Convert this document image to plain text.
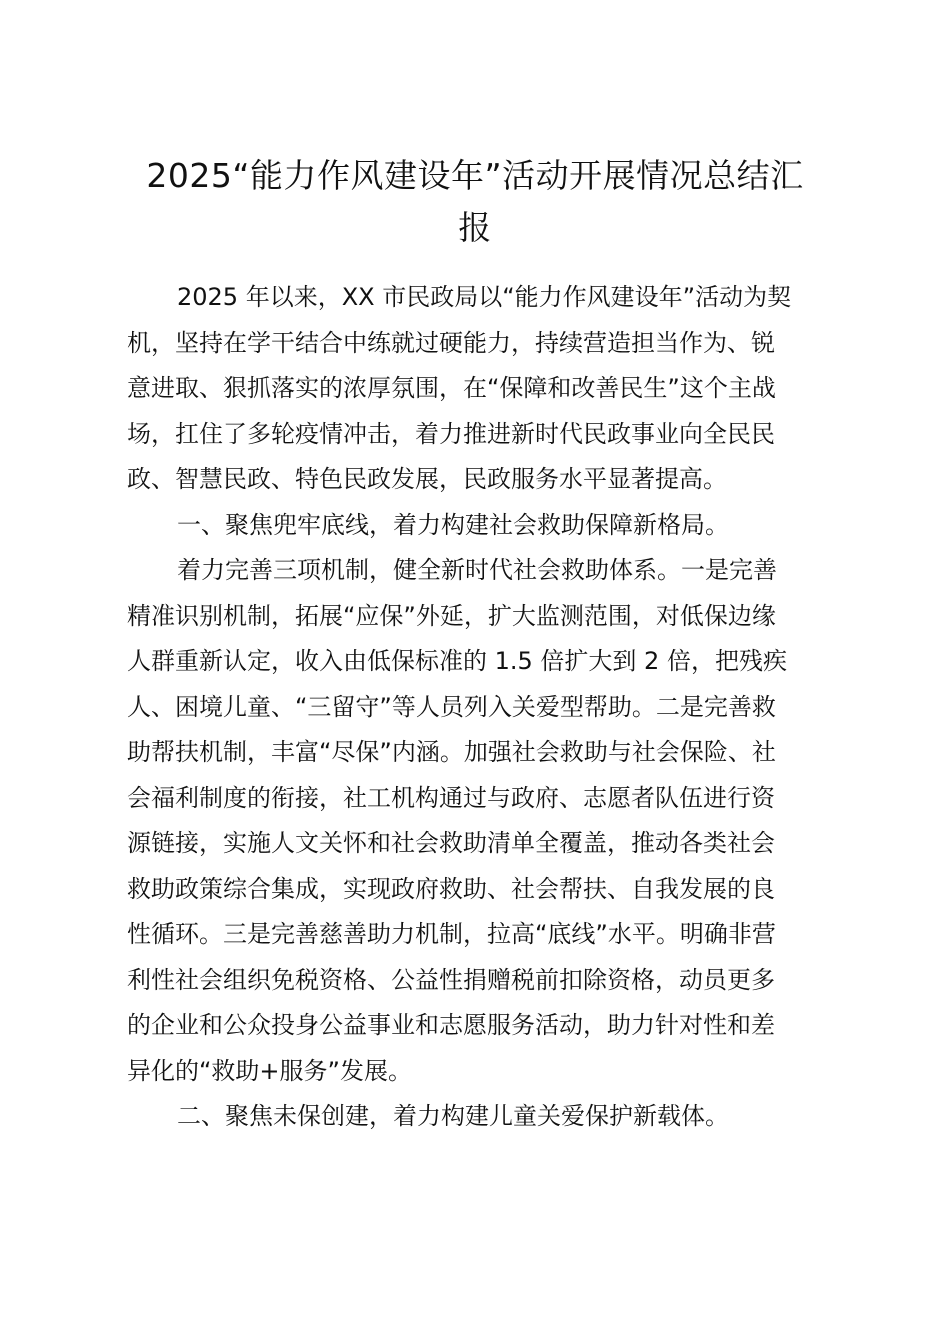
2025“能力作风建设年”活动开展情况总结汇
报
2025 年以来，XX 市民政局以“能力作风建设年”活动为契
机，坚持在学干结合中练就过硬能力，持续营造担当作为、锐
意进取、狠抓落实的浓厚氛围，在“保障和改善民生”这个主战
场，扛住了多轮疫情冲击，着力推进新时代民政事业向全民民
政、智慧民政、特色民政发展，民政服务水平显著提高。
一、聚焦兜牢底线，着力构建社会救助保障新格局。
着力完善三项机制，健全新时代社会救助体系。一是完善
精准识别机制，拓展“应保”外延，扩大监测范围，对低保边缘
人群重新认定，收入由低保标准的 1.5 倍扩大到 2 倍，把残疾
人、困境儿童、“三留守”等人员列入关爱型帮助。二是完善救
助帮扶机制，丰富“尽保”内涵。加强社会救助与社会保险、社
会福利制度的衔接，社工机构通过与政府、志愿者队伍进行资
源链接，实施人文关怀和社会救助清单全覆盖，推动各类社会
救助政策综合集成，实现政府救助、社会帮扶、自我发展的良
性循环。三是完善慈善助力机制，拉高“底线”水平。明确非营
利性社会组织免税资格、公益性捐赠税前扣除资格，动员更多
的企业和公众投身公益事业和志愿服务活动，助力针对性和差
异化的“救助+服务”发展。
二、聚焦未保创建，着力构建儿童关爱保护新载体。
